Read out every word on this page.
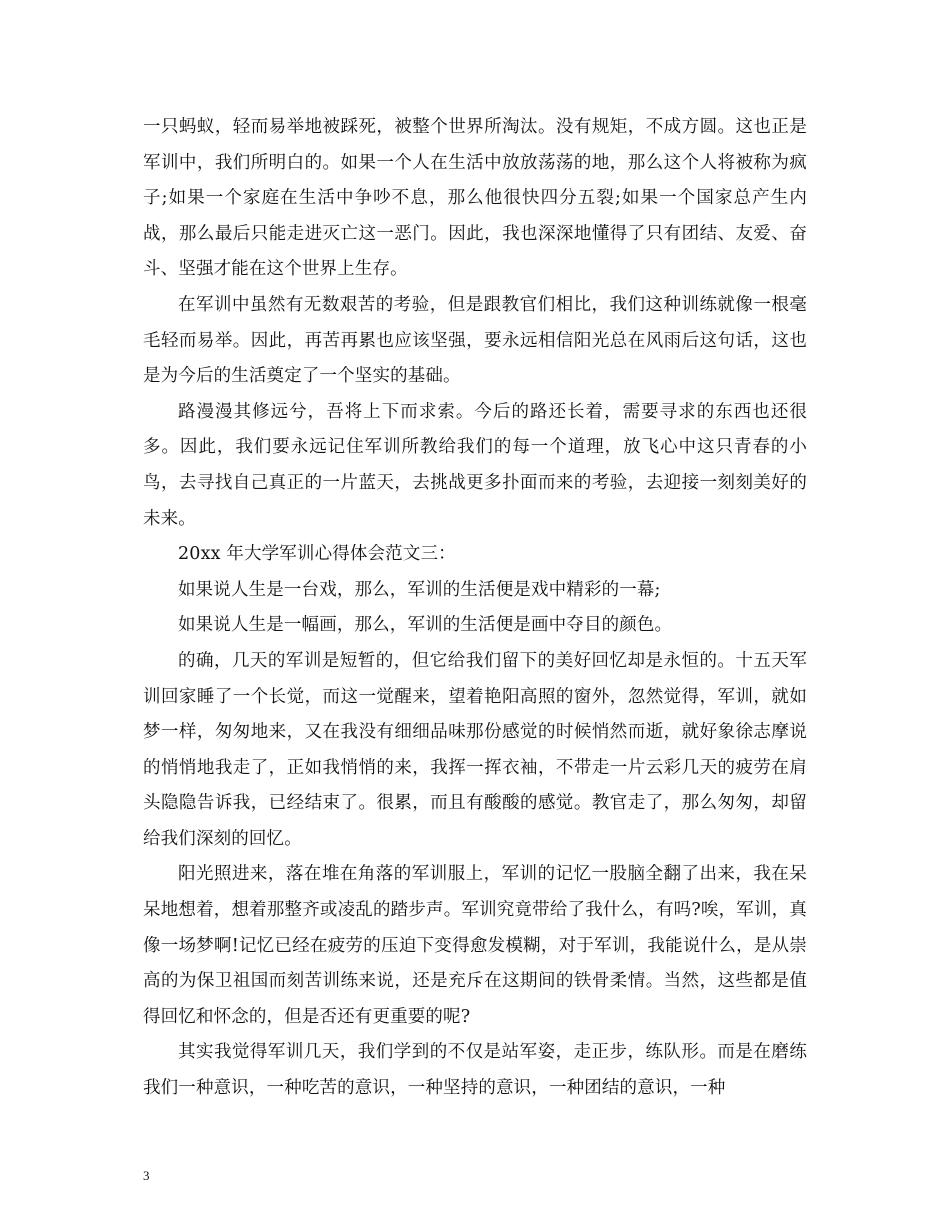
一只蚂蚁，轻而易举地被踩死，被整个世界所淘汰。没有规矩，不成方圆。这也正是军训中，我们所明白的。如果一个人在生活中放放荡荡的地，那么这个人将被称为疯子;如果一个家庭在生活中争吵不息，那么他很快四分五裂;如果一个国家总产生内战，那么最后只能走进灭亡这一恶门。因此，我也深深地懂得了只有团结、友爱、奋斗、坚强才能在这个世界上生存。

在军训中虽然有无数艰苦的考验，但是跟教官们相比，我们这种训练就像一根毫毛轻而易举。因此，再苦再累也应该坚强，要永远相信阳光总在风雨后这句话，这也是为今后的生活奠定了一个坚实的基础。

路漫漫其修远兮，吾将上下而求索。今后的路还长着，需要寻求的东西也还很多。因此，我们要永远记住军训所教给我们的每一个道理，放飞心中这只青春的小鸟，去寻找自己真正的一片蓝天，去挑战更多扑面而来的考验，去迎接一刻刻美好的未来。

20xx 年大学军训心得体会范文三：

如果说人生是一台戏，那么，军训的生活便是戏中精彩的一幕;

如果说人生是一幅画，那么，军训的生活便是画中夺目的颜色。

的确，几天的军训是短暂的，但它给我们留下的美好回忆却是永恒的。十五天军训回家睡了一个长觉，而这一觉醒来，望着艳阳高照的窗外，忽然觉得，军训，就如梦一样，匆匆地来，又在我没有细细品味那份感觉的时候悄然而逝，就好象徐志摩说的悄悄地我走了，正如我悄悄的来，我挥一挥衣袖，不带走一片云彩几天的疲劳在肩头隐隐告诉我，已经结束了。很累，而且有酸酸的感觉。教官走了，那么匆匆，却留给我们深刻的回忆。

阳光照进来，落在堆在角落的军训服上，军训的记忆一股脑全翻了出来，我在呆呆地想着，想着那整齐或凌乱的踏步声。军训究竟带给了我什么，有吗?唉，军训，真像一场梦啊!记忆已经在疲劳的压迫下变得愈发模糊，对于军训，我能说什么，是从崇高的为保卫祖国而刻苦训练来说，还是充斥在这期间的铁骨柔情。当然，这些都是值得回忆和怀念的，但是否还有更重要的呢?

其实我觉得军训几天，我们学到的不仅是站军姿，走正步，练队形。而是在磨练我们一种意识，一种吃苦的意识，一种坚持的意识，一种团结的意识，一种

3
